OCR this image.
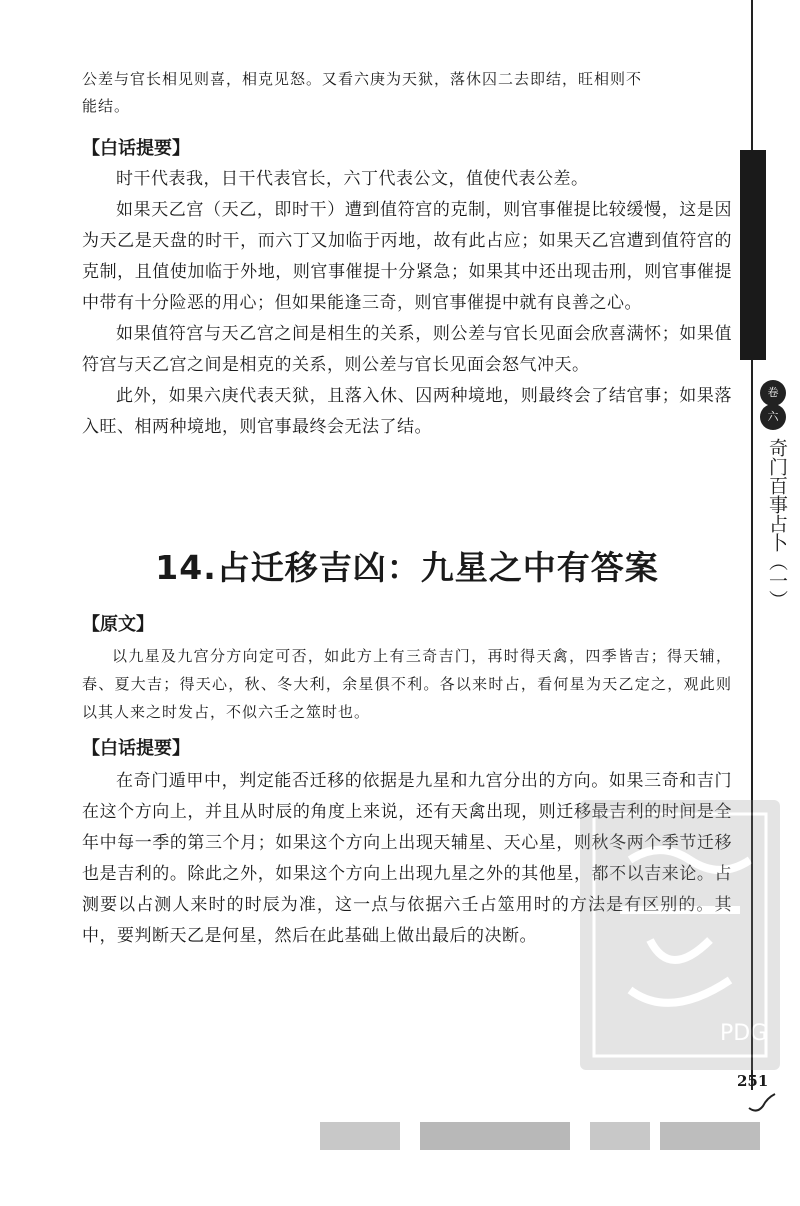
公差与官长相见则喜，相克见怒。又看六庚为天狱，落休囚二去即结，旺相则不

能结。

【白话提要】

时干代表我，日干代表官长，六丁代表公文，值使代表公差。

如果天乙宫（天乙，即时干）遭到值符宫的克制，则官事催提比较缓慢，这是因为天乙是天盘的时干，而六丁又加临于丙地，故有此占应；如果天乙宫遭到值符宫的克制，且值使加临于外地，则官事催提十分紧急；如果其中还出现击刑，则官事催提中带有十分险恶的用心；但如果能逢三奇，则官事催提中就有良善之心。

如果值符宫与天乙宫之间是相生的关系，则公差与官长见面会欣喜满怀；如果值符宫与天乙宫之间是相克的关系，则公差与官长见面会怒气冲天。

此外，如果六庚代表天狱，且落入休、囚两种境地，则最终会了结官事；如果落入旺、相两种境地，则官事最终会无法了结。

14.占迁移吉凶：九星之中有答案

【原文】

以九星及九宫分方向定可否，如此方上有三奇吉门，再时得天禽，四季皆吉；得天辅，春、夏大吉；得天心，秋、冬大利，余星俱不利。各以来时占，看何星为天乙定之，观此则以其人来之时发占，不似六壬之筮时也。

【白话提要】

在奇门遁甲中，判定能否迁移的依据是九星和九宫分出的方向。如果三奇和吉门在这个方向上，并且从时辰的角度上来说，还有天禽出现，则迁移最吉利的时间是全年中每一季的第三个月；如果这个方向上出现天辅星、天心星，则秋冬两个季节迁移也是吉利的。除此之外，如果这个方向上出现九星之外的其他星，都不以吉来论。占测要以占测人来时的时辰为准，这一点与依据六壬占筮用时的方法是有区别的。其中，要判断天乙是何星，然后在此基础上做出最后的决断。

卷
六
奇门百事占卜（一）
PDG
251
